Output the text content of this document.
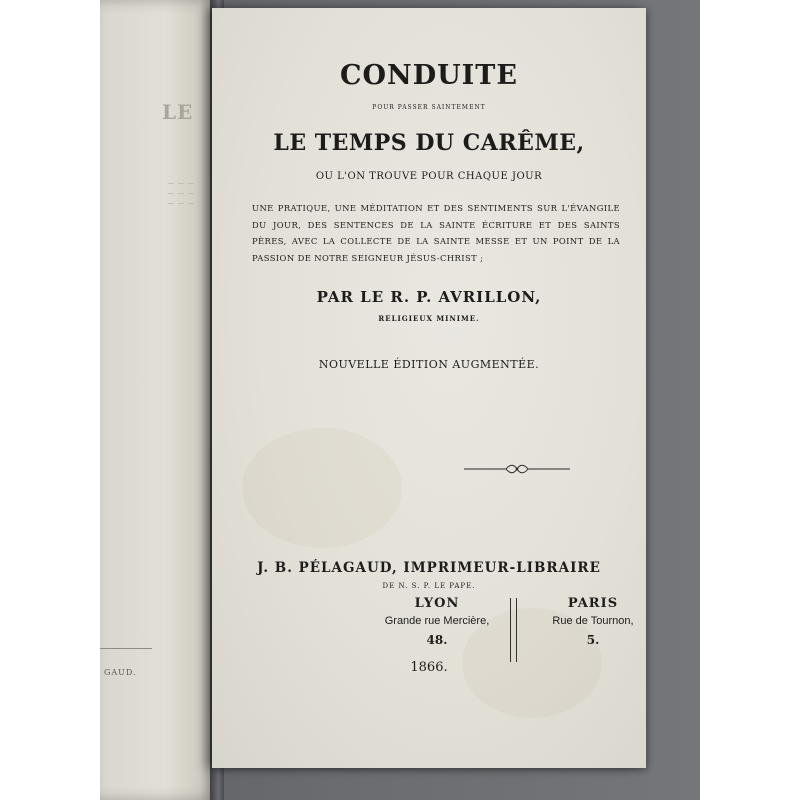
LE
ᅳ ᅳ ᅳ
ᅳ ᅳ ᅳ
ᅳ ᅳ ᅳ
GAUD.
CONDUITE
POUR PASSER SAINTEMENT
LE TEMPS DU CARÊME,
OU L'ON TROUVE POUR CHAQUE JOUR
UNE PRATIQUE, UNE MÉDITATION ET DES SENTIMENTS SUR L'ÉVANGILE DU JOUR, DES SENTENCES DE LA SAINTE ÉCRITURE ET DES SAINTS PÈRES, AVEC LA COLLECTE DE LA SAINTE MESSE ET UN POINT DE LA PASSION DE NOTRE SEIGNEUR JÉSUS-CHRIST ;
PAR LE R. P. AVRILLON,
RELIGIEUX MINIME.
NOUVELLE ÉDITION AUGMENTÉE.
J. B. PÉLAGAUD, IMPRIMEUR-LIBRAIRE
DE N. S. P. LE PAPE.
LYON
Grande rue Mercière,
48.
PARIS
Rue de Tournon,
5.
1866.
